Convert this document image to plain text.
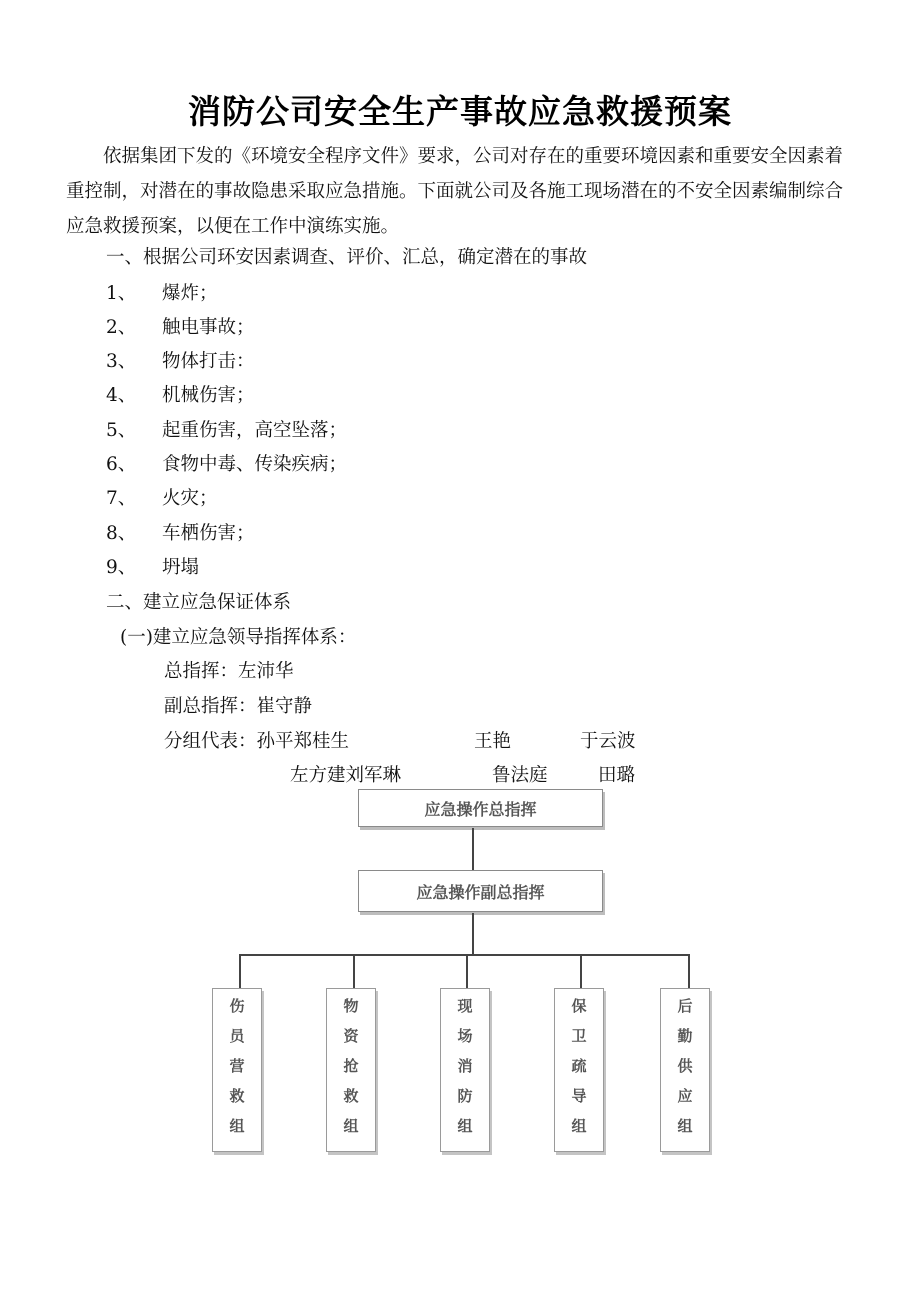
消防公司安全生产事故应急救援预案

依据集团下发的《环境安全程序文件》要求，公司对存在的重要环境因素和重要安全因素着重控制，对潜在的事故隐患采取应急措施。下面就公司及各施工现场潜在的不安全因素编制综合应急救援预案，以便在工作中演练实施。

一、根据公司环安因素调查、评价、汇总，确定潜在的事故
1、 爆炸；
2、 触电事故；
3、 物体打击：
4、 机械伤害；
5、 起重伤害，高空坠落；
6、 食物中毒、传染疾病；
7、 火灾；
8、 车栖伤害；
9、 坍塌
二、建立应急保证体系
(一)建立应急领导指挥体系：
总指挥：左沛华
副总指挥：崔守静
分组代表：孙平郑桂生	王艳	于云波
左方建刘军琳	鲁法庭	田璐
应急操作总指挥
应急操作副总指挥
伤员营救组	物资抢救组	现场消防组	保卫疏导组	后勤供应组
